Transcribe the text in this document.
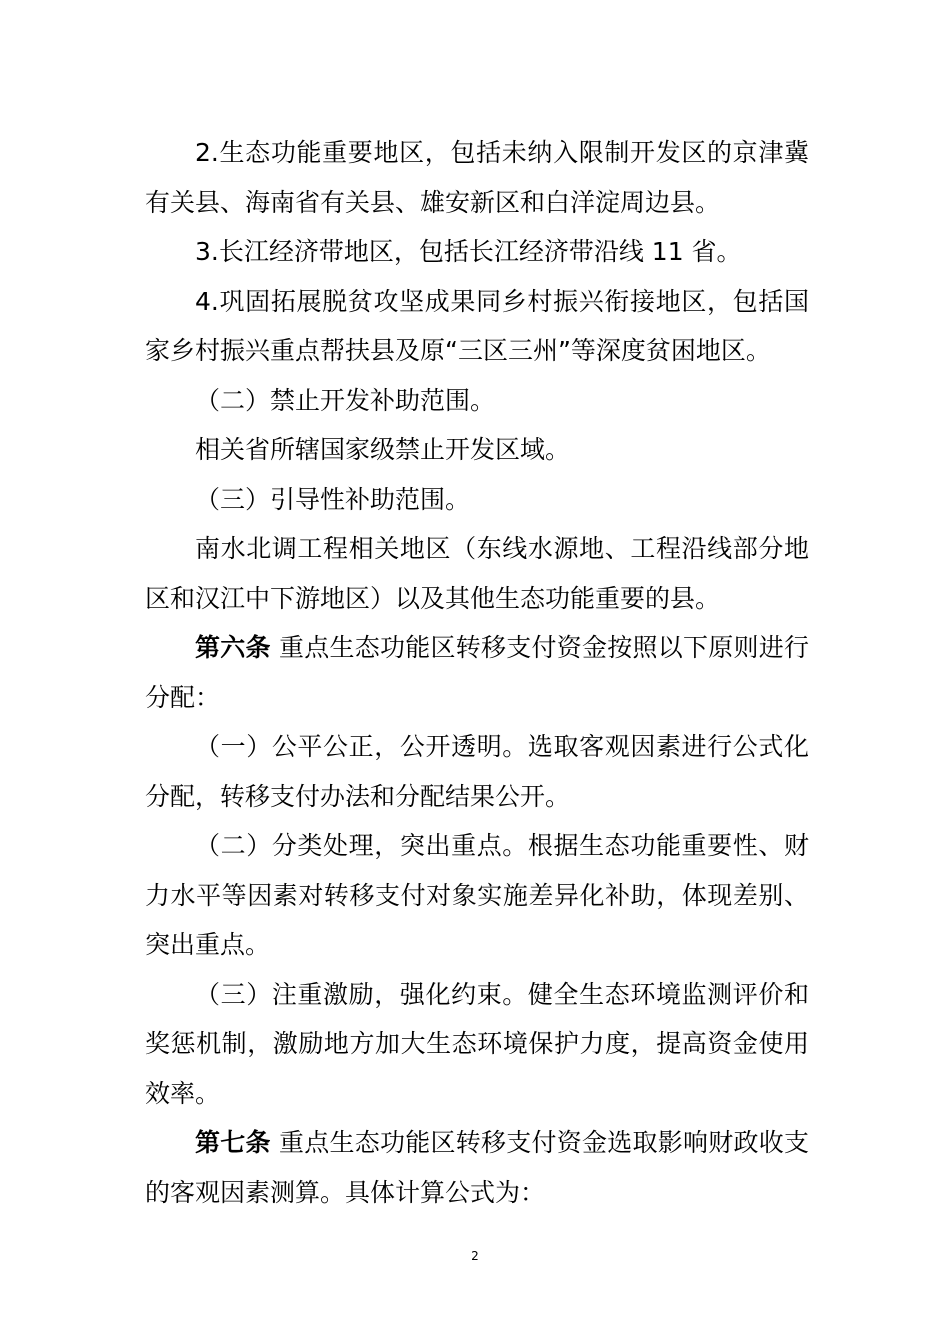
2.生态功能重要地区，包括未纳入限制开发区的京津冀有关县、海南省有关县、雄安新区和白洋淀周边县。

3.长江经济带地区，包括长江经济带沿线 11 省。

4.巩固拓展脱贫攻坚成果同乡村振兴衔接地区，包括国家乡村振兴重点帮扶县及原“三区三州”等深度贫困地区。

（二）禁止开发补助范围。

相关省所辖国家级禁止开发区域。

（三）引导性补助范围。

南水北调工程相关地区（东线水源地、工程沿线部分地区和汉江中下游地区）以及其他生态功能重要的县。

第六条 重点生态功能区转移支付资金按照以下原则进行分配：

（一）公平公正，公开透明。选取客观因素进行公式化分配，转移支付办法和分配结果公开。

（二）分类处理，突出重点。根据生态功能重要性、财力水平等因素对转移支付对象实施差异化补助，体现差别、突出重点。

（三）注重激励，强化约束。健全生态环境监测评价和奖惩机制，激励地方加大生态环境保护力度，提高资金使用效率。

第七条 重点生态功能区转移支付资金选取影响财政收支的客观因素测算。具体计算公式为：

2
